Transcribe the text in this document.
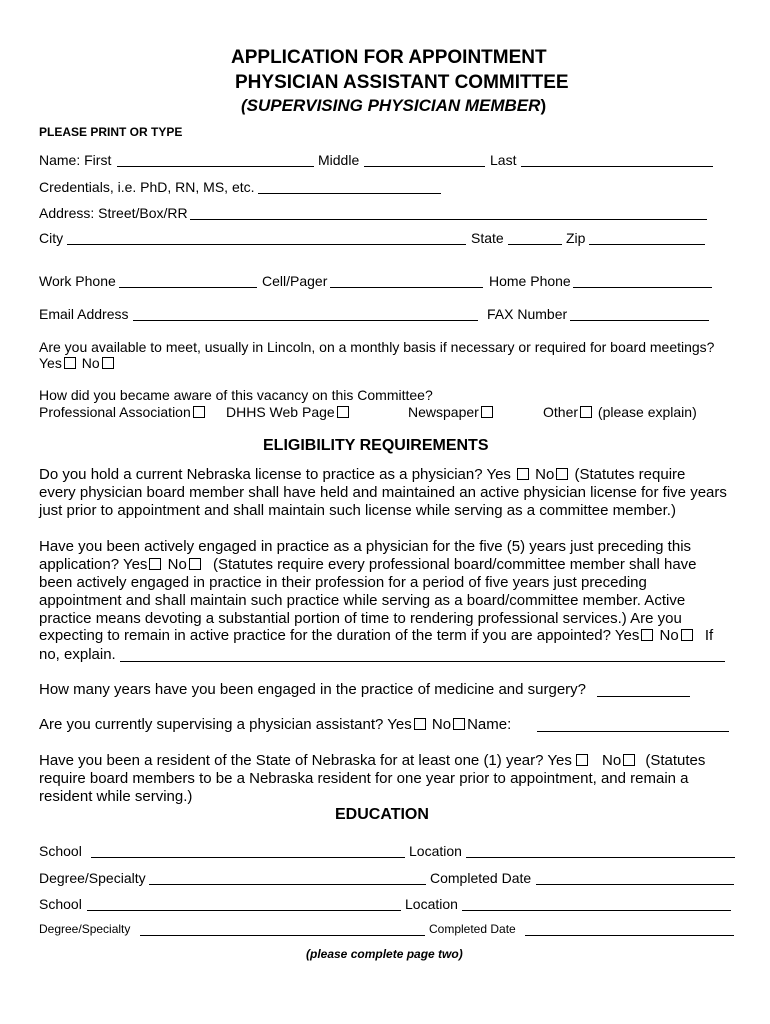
APPLICATION FOR APPOINTMENT
PHYSICIAN ASSISTANT COMMITTEE
(SUPERVISING PHYSICIAN MEMBER)
PLEASE PRINT OR TYPE
Name: First	Middle	Last
Credentials, i.e. PhD, RN, MS, etc.
Address: Street/Box/RR
City	State	Zip
Work Phone	Cell/Pager	Home Phone
Email Address	FAX Number
Are you available to meet, usually in Lincoln, on a monthly basis if necessary or required for board meetings?
Yes No
How did you became aware of this vacancy on this Committee?
Professional Association	DHHS Web Page	Newspaper	Other (please explain)
ELIGIBILITY REQUIREMENTS
Do you hold a current Nebraska license to practice as a physician? Yes No (Statutes require
every physician board member shall have held and maintained an active physician license for five years
just prior to appointment and shall maintain such license while serving as a committee member.)
Have you been actively engaged in practice as a physician for the five (5) years just preceding this
application? Yes No (Statutes require every professional board/committee member shall have
been actively engaged in practice in their profession for a period of five years just preceding
appointment and shall maintain such practice while serving as a board/committee member. Active
practice means devoting a substantial portion of time to rendering professional services.) Are you
expecting to remain in active practice for the duration of the term if you are appointed? Yes No If
no, explain.
How many years have you been engaged in the practice of medicine and surgery?
Are you currently supervising a physician assistant? Yes No Name:
Have you been a resident of the State of Nebraska for at least one (1) year? Yes No (Statutes
require board members to be a Nebraska resident for one year prior to appointment, and remain a
resident while serving.)
EDUCATION
School	Location
Degree/Specialty	Completed Date
School	Location
Degree/Specialty	Completed Date
(please complete page two)
